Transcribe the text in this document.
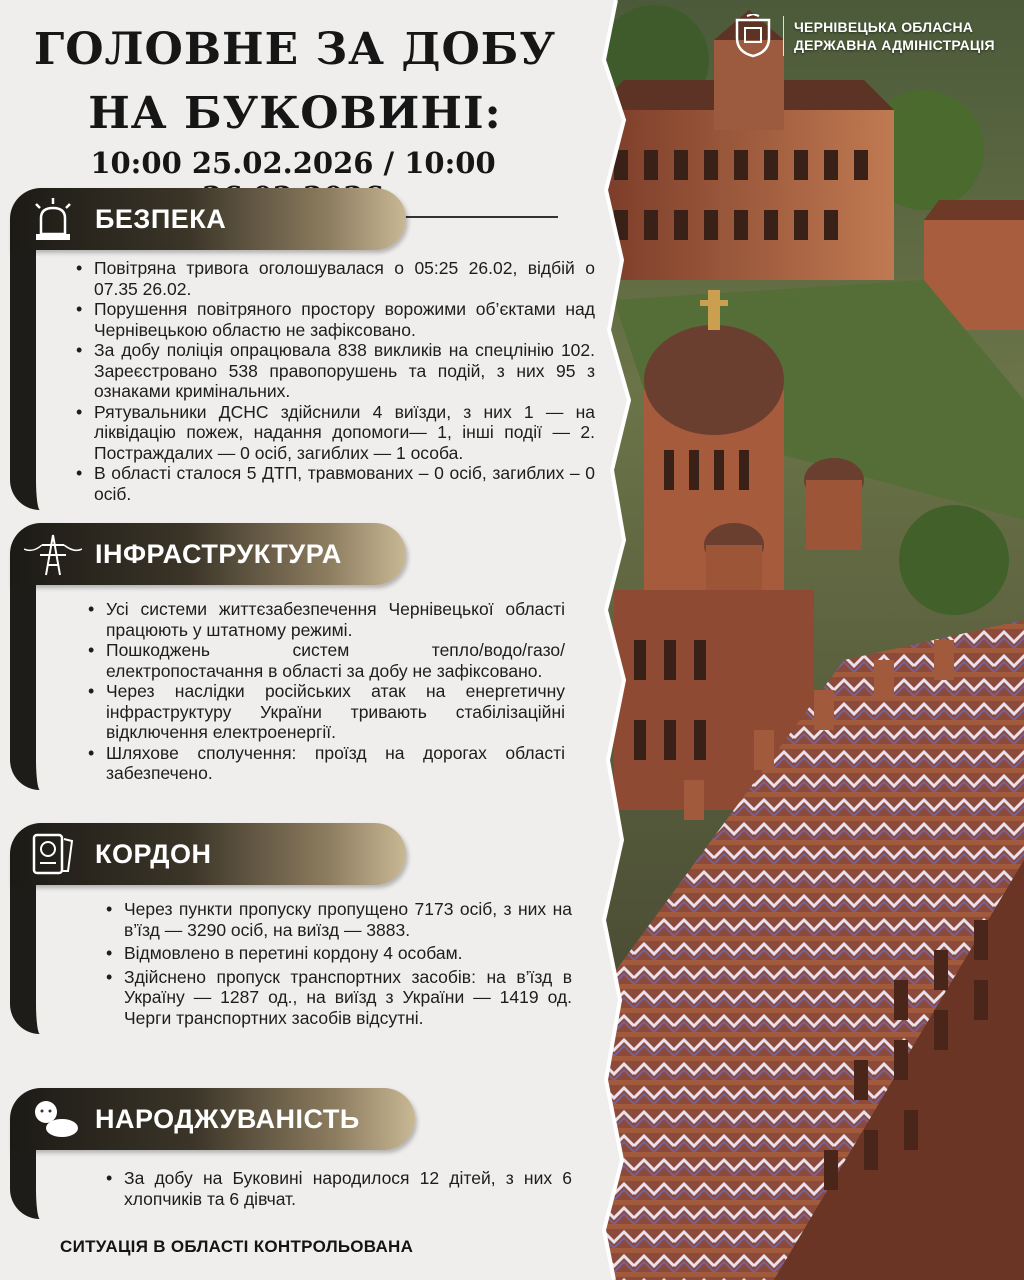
ЧЕРНІВЕЦЬКА ОБЛАСНА
ДЕРЖАВНА АДМІНІСТРАЦІЯ
ГОЛОВНЕ ЗА ДОБУ
НА БУКОВИНІ:
10:00 25.02.2026 / 10:00
БЕЗПЕКА
• Повітряна тривога оголошувалася о 05:25 26.02, відбій о 07.35 26.02.
• Порушення повітряного простору ворожими об’єктами над Чернівецькою областю не зафіксовано.
• За добу поліція опрацювала 838 викликів на спецлінію 102. Зареєстровано 538 правопорушень та подій, з них 95 з ознаками кримінальних.
• Рятувальники ДСНС здійснили 4 виїзди, з них 1 — на ліквідацію пожеж, надання допомоги— 1, інші події — 2. Постраждалих — 0 осіб, загиблих — 1 особа.
• В області сталося 5 ДТП, травмованих – 0 осіб, загиблих – 0 осіб.
ІНФРАСТРУКТУРА
• Усі системи життєзабезпечення Чернівецької області працюють у штатному режимі.
• Пошкоджень систем тепло/водо/газо/ електропостачання в області за добу не зафіксовано.
• Через наслідки російських атак на енергетичну інфраструктуру України тривають стабілізаційні відключення електроенергії.
• Шляхове сполучення: проїзд на дорогах області забезпечено.
КОРДОН
• Через пункти пропуску пропущено 7173 осіб, з них на в’їзд — 3290 осіб, на виїзд — 3883.
• Відмовлено в перетині кордону 4 особам.
• Здійснено пропуск транспортних засобів: на в’їзд в Україну — 1287 од., на виїзд з України — 1419 од. Черги транспортних засобів відсутні.
НАРОДЖУВАНІСТЬ
• За добу на Буковині народилося 12 дітей, з них 6 хлопчиків та 6 дівчат.
СИТУАЦІЯ В ОБЛАСТІ КОНТРОЛЬОВАНА
